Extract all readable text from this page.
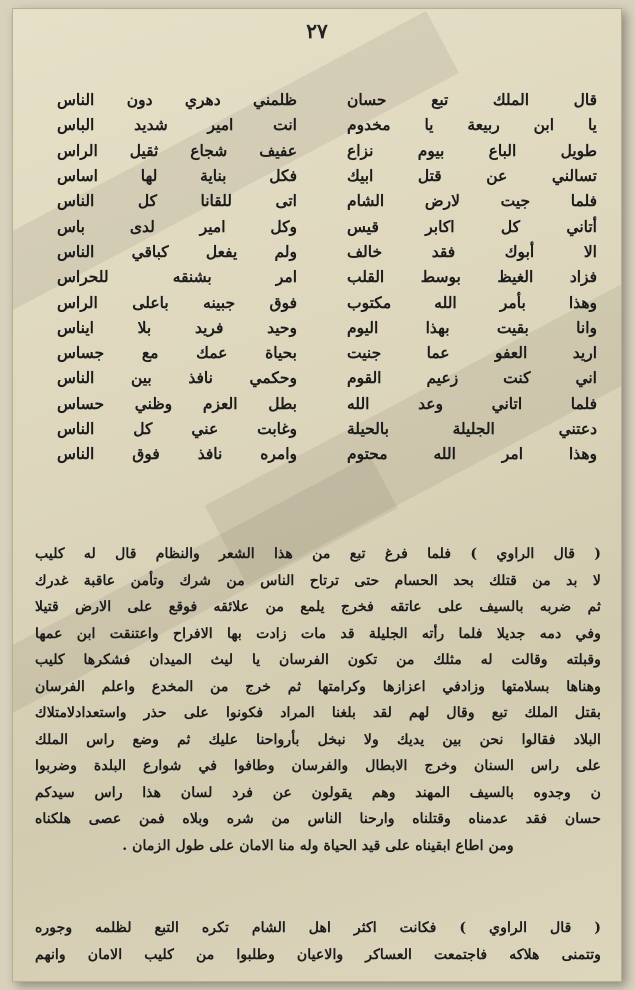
٢٧
قال الملك تبع حسان
ظلمني دهري دون الناس
يا ابن ربيعة يا مخدوم
انت امير شديد الباس
طويل الباع بيوم نزاع
عفيف شجاع ثقيل الراس
تسالني عن قتل ابيك
فكل بناية لها اساس
فلما جيت لارض الشام
اتى للقانا كل الناس
أتاني كل اكابر قيس
وكل امير لدى باس
الا أبوك فقد خالف
ولم يفعل كباقي الناس
فزاد الغيظ بوسط القلب
امر بشنقه للحراس
وهذا بأمر الله مكتوب
فوق جبينه باعلى الراس
وانا بقيت بهذا اليوم
وحيد فريد بلا ايناس
اريد العفو عما جنيت
بحياة عمك مع جساس
اني كنت زعيم القوم
وحكمي نافذ بين الناس
فلما اتاني وعد الله
بطل العزم وظني حساس
دعتني الجليلة بالحيلة
وغابت عني كل الناس
وهذا امر الله محتوم
وامره نافذ فوق الناس
( قال الراوي ) فلما فرغ تبع من هذا الشعر والنظام قال له كليب
لا بد من قتلك بحد الحسام حتى ترتاح الناس من شرك وتأمن عاقبة غدرك
ثم ضربه بالسيف على عاتقه فخرج يلمع من علائقه فوقع على الارض قتيلا
وفي دمه جديلا فلما رأته الجليلة قد مات زادت بها الافراح واعتنقت ابن عمها
وقبلته وقالت له مثلك من تكون الفرسان يا ليث الميدان فشكرها كليب
وهناها بسلامتها وزادفي اعزازها وكرامتها ثم خرج من المخدع واعلم الفرسان
بقتل الملك تبع وقال لهم لقد بلغنا المراد فكونوا على حذر واستعدادلامتلاك
البلاد فقالوا نحن بين يديك ولا نبخل بأرواحنا عليك ثم وضع راس الملك
على راس السنان وخرج الابطال والفرسان وطافوا في شوارع البلدة وضربوا
ن وجدوه بالسيف المهند وهم يقولون عن فرد لسان هذا راس سيدكم
حسان فقد عدمناه وقتلناه وارحنا الناس من شره وبلاه فمن عصى هلكناه
ومن اطاع ابقيناه على قيد الحياة وله منا الامان على طول الزمان .
( قال الراوي ) فكانت اكثر اهل الشام تكره التبع لظلمه وجوره
وتتمنى هلاكه فاجتمعت العساكر والاعيان وطلبوا من كليب الامان وانهم
